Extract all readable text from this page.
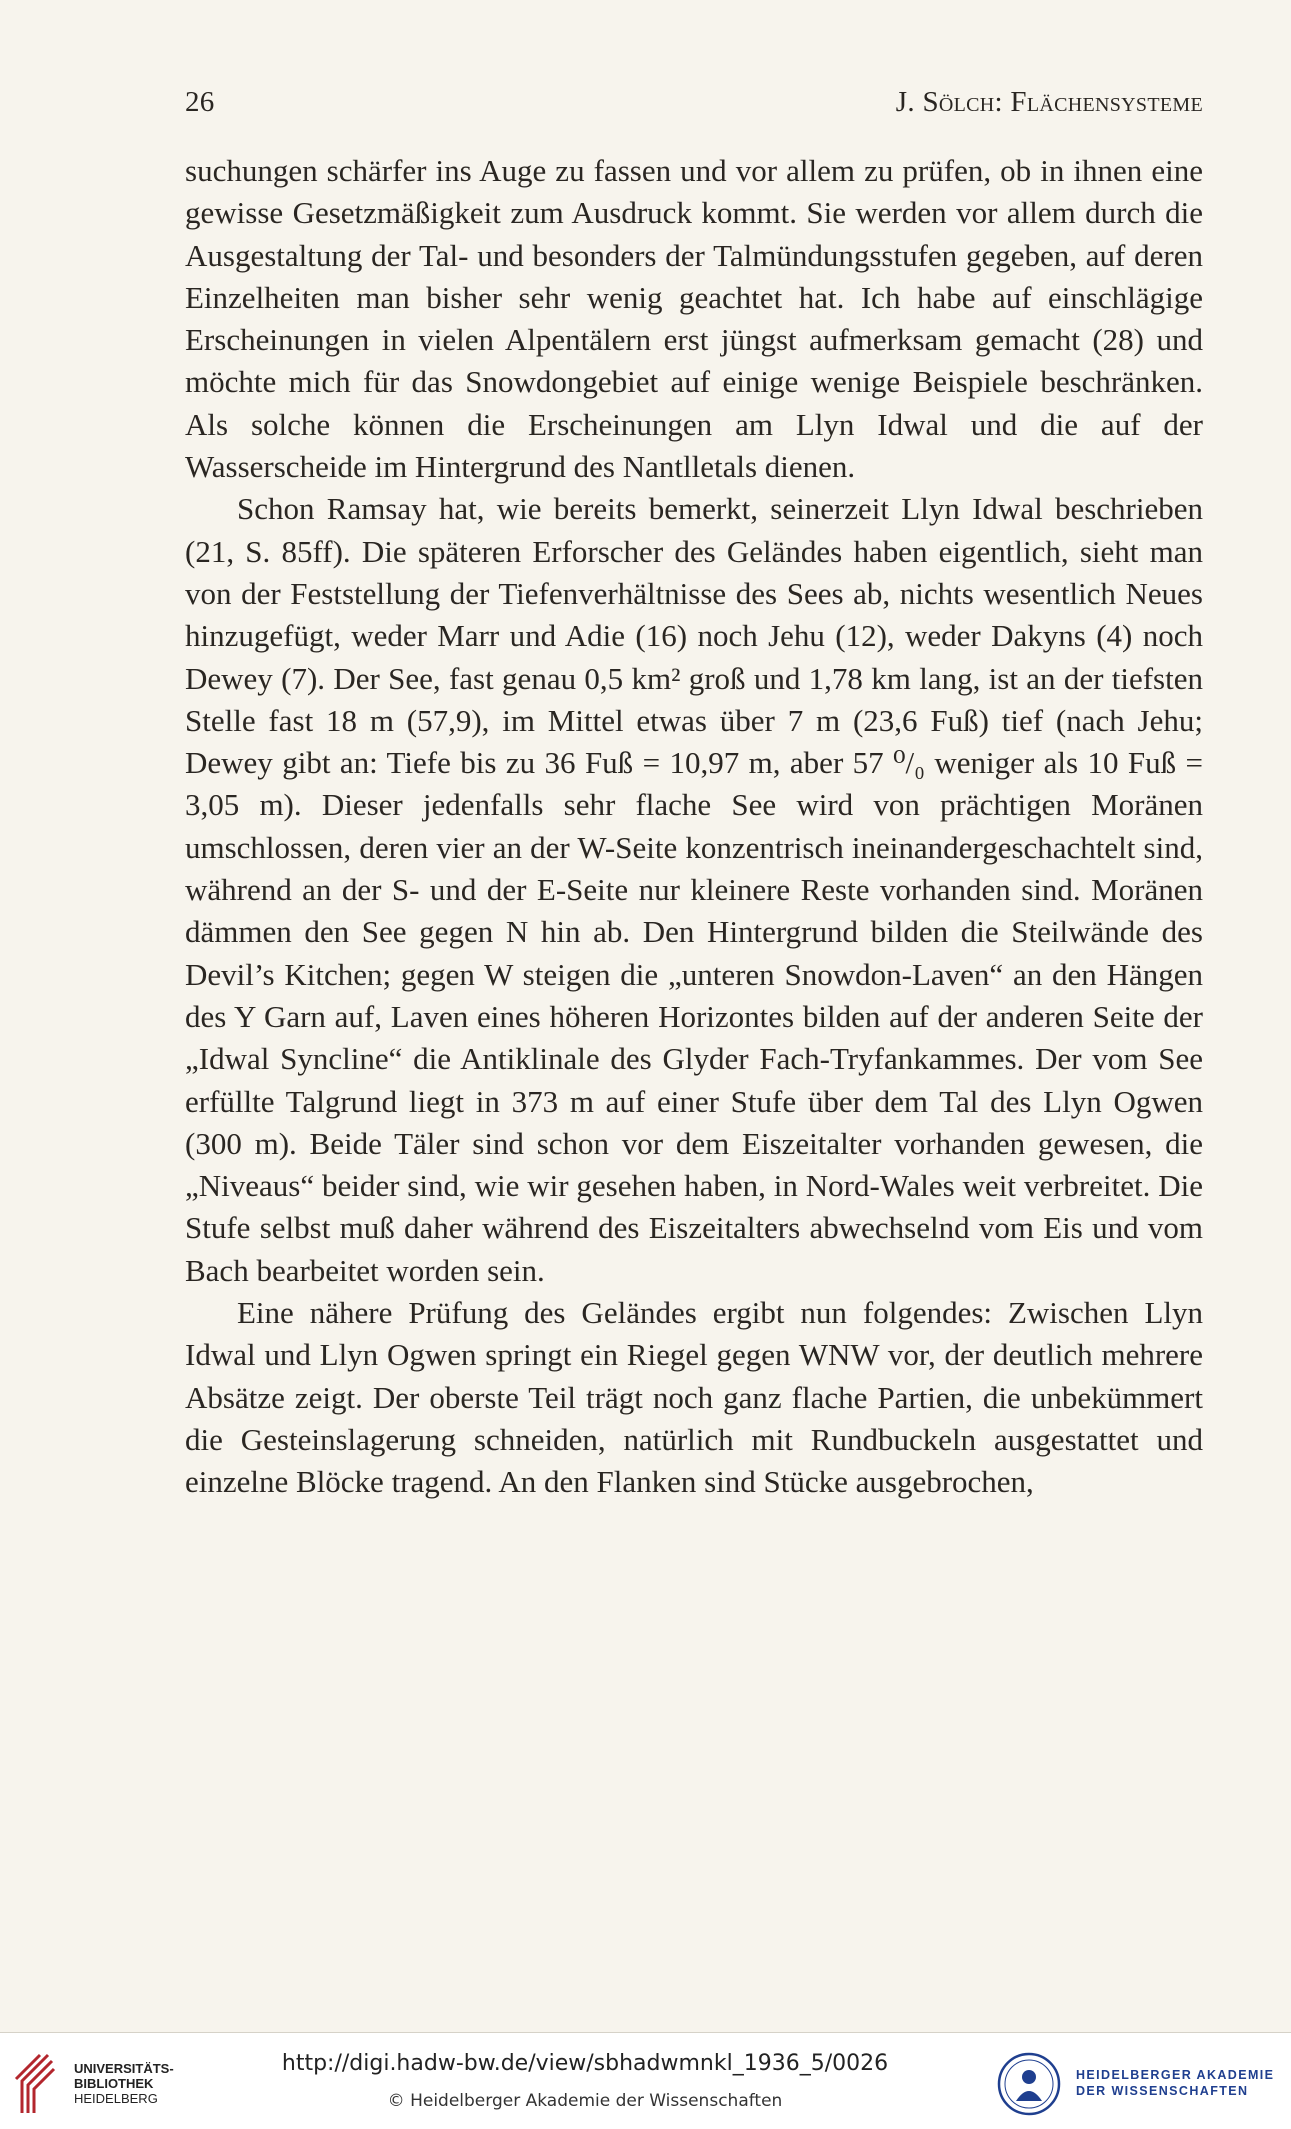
26	J. Sölch: Flächensysteme

suchungen schärfer ins Auge zu fassen und vor allem zu prüfen, ob in ihnen eine gewisse Gesetzmäßigkeit zum Ausdruck kommt. Sie werden vor allem durch die Ausgestaltung der Tal- und besonders der Talmündungsstufen gegeben, auf deren Einzelheiten man bisher sehr wenig geachtet hat. Ich habe auf einschlägige Erscheinungen in vielen Alpentälern erst jüngst aufmerksam gemacht (28) und möchte mich für das Snowdongebiet auf einige wenige Beispiele beschränken. Als solche können die Erscheinungen am Llyn Idwal und die auf der Wasserscheide im Hintergrund des Nantlletals dienen.

Schon Ramsay hat, wie bereits bemerkt, seinerzeit Llyn Idwal beschrieben (21, S. 85ff). Die späteren Erforscher des Geländes haben eigentlich, sieht man von der Feststellung der Tiefenverhältnisse des Sees ab, nichts wesentlich Neues hinzugefügt, weder Marr und Adie (16) noch Jehu (12), weder Dakyns (4) noch Dewey (7). Der See, fast genau 0,5 km² groß und 1,78 km lang, ist an der tiefsten Stelle fast 18 m (57,9), im Mittel etwas über 7 m (23,6 Fuß) tief (nach Jehu; Dewey gibt an: Tiefe bis zu 36 Fuß = 10,97 m, aber 57 ⁰/₀ weniger als 10 Fuß = 3,05 m). Dieser jedenfalls sehr flache See wird von prächtigen Moränen umschlossen, deren vier an der W-Seite konzentrisch ineinandergeschachtelt sind, während an der S- und der E-Seite nur kleinere Reste vorhanden sind. Moränen dämmen den See gegen N hin ab. Den Hintergrund bilden die Steilwände des Devil’s Kitchen; gegen W steigen die „unteren Snowdon-Laven“ an den Hängen des Y Garn auf, Laven eines höheren Horizontes bilden auf der anderen Seite der „Idwal Syncline“ die Antiklinale des Glyder Fach-Tryfankammes. Der vom See erfüllte Talgrund liegt in 373 m auf einer Stufe über dem Tal des Llyn Ogwen (300 m). Beide Täler sind schon vor dem Eiszeitalter vorhanden gewesen, die „Niveaus“ beider sind, wie wir gesehen haben, in Nord-Wales weit verbreitet. Die Stufe selbst muß daher während des Eiszeitalters abwechselnd vom Eis und vom Bach bearbeitet worden sein.

Eine nähere Prüfung des Geländes ergibt nun folgendes: Zwischen Llyn Idwal und Llyn Ogwen springt ein Riegel gegen WNW vor, der deutlich mehrere Absätze zeigt. Der oberste Teil trägt noch ganz flache Partien, die unbekümmert die Gesteinslagerung schneiden, natürlich mit Rundbuckeln ausgestattet und einzelne Blöcke tragend. An den Flanken sind Stücke ausgebrochen,

UNIVERSITÄTS-
BIBLIOTHEK
HEIDELBERG
http://digi.hadw-bw.de/view/sbhadwmnkl_1936_5/0026
© Heidelberger Akademie der Wissenschaften
HEIDELBERGER AKADEMIE
DER WISSENSCHAFTEN
